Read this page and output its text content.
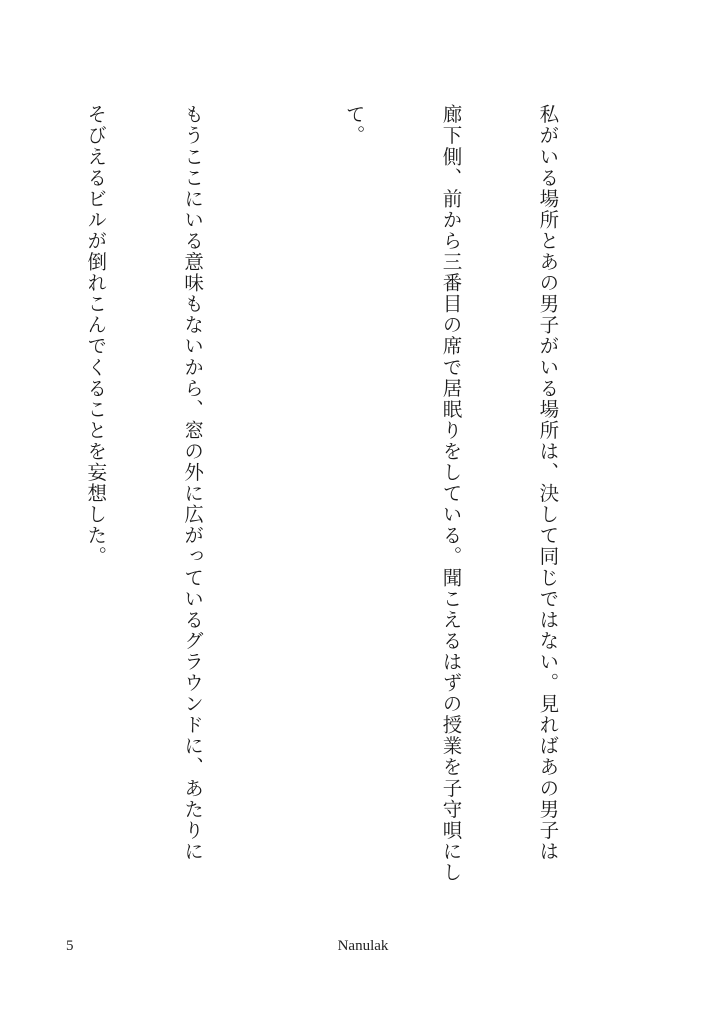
私がいる場所とあの男子がいる場所は、決して同じではない。見ればあの男子は

廊下側、前から三番目の席で居眠りをしている。聞こえるはずの授業を子守唄にし

て。

もうここにいる意味もないから、窓の外に広がっているグラウンドに、あたりに

そびえるビルが倒れこんでくることを妄想した。

5	Nanulak
